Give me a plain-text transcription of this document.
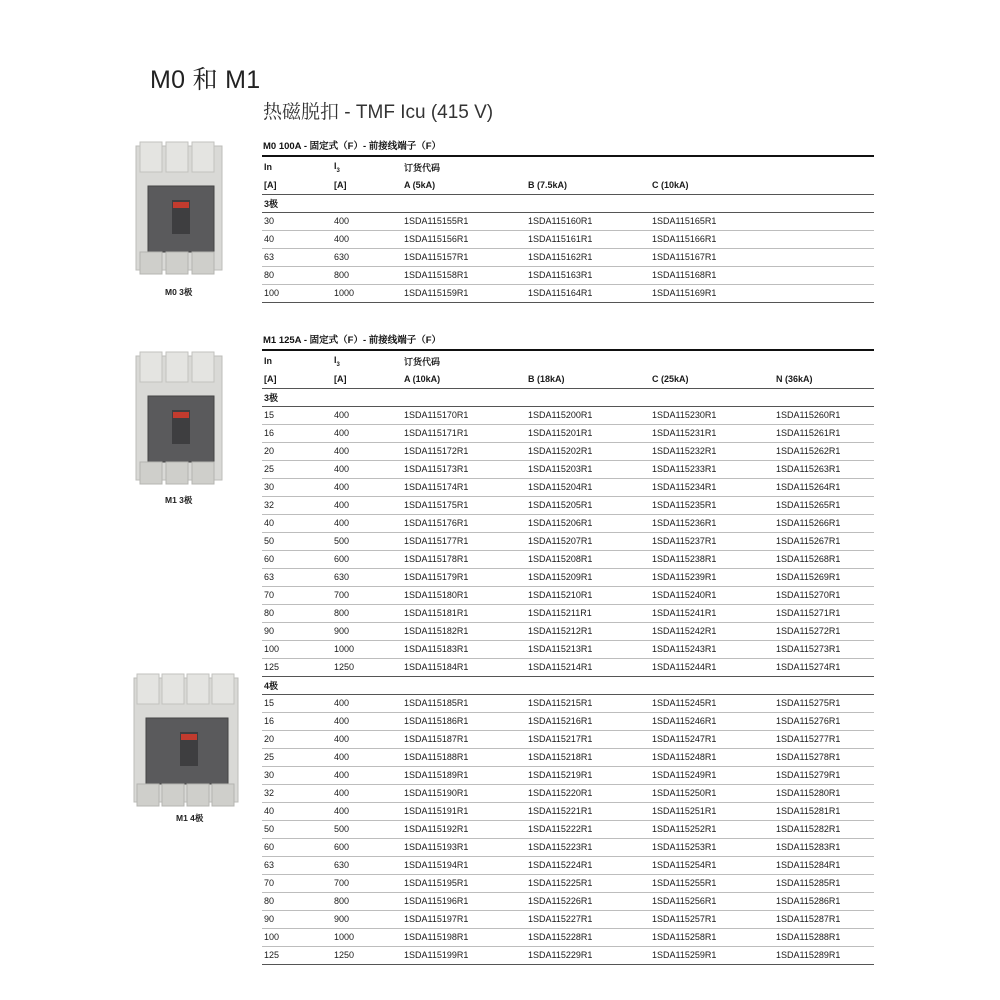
M0 和 M1
热磁脱扣 - TMF Icu (415 V)
M0 3极
M1 3极
M1 4极
M0 100A - 固定式（F）- 前接线端子（F）
In	$I_3$	订货代码			
[A]	[A]	A (5kA)	B (7.5kA)	C (10kA)	
3极					
30	400	1SDA115155R1	1SDA115160R1	1SDA115165R1	
40	400	1SDA115156R1	1SDA115161R1	1SDA115166R1	
63	630	1SDA115157R1	1SDA115162R1	1SDA115167R1	
80	800	1SDA115158R1	1SDA115163R1	1SDA115168R1	
100	1000	1SDA115159R1	1SDA115164R1	1SDA115169R1	
M1 125A - 固定式（F）- 前接线端子（F）
In	$I_3$	订货代码			
[A]	[A]	A (10kA)	B (18kA)	C (25kA)	N (36kA)
3极					
15	400	1SDA115170R1	1SDA115200R1	1SDA115230R1	1SDA115260R1
16	400	1SDA115171R1	1SDA115201R1	1SDA115231R1	1SDA115261R1
20	400	1SDA115172R1	1SDA115202R1	1SDA115232R1	1SDA115262R1
25	400	1SDA115173R1	1SDA115203R1	1SDA115233R1	1SDA115263R1
30	400	1SDA115174R1	1SDA115204R1	1SDA115234R1	1SDA115264R1
32	400	1SDA115175R1	1SDA115205R1	1SDA115235R1	1SDA115265R1
40	400	1SDA115176R1	1SDA115206R1	1SDA115236R1	1SDA115266R1
50	500	1SDA115177R1	1SDA115207R1	1SDA115237R1	1SDA115267R1
60	600	1SDA115178R1	1SDA115208R1	1SDA115238R1	1SDA115268R1
63	630	1SDA115179R1	1SDA115209R1	1SDA115239R1	1SDA115269R1
70	700	1SDA115180R1	1SDA115210R1	1SDA115240R1	1SDA115270R1
80	800	1SDA115181R1	1SDA115211R1	1SDA115241R1	1SDA115271R1
90	900	1SDA115182R1	1SDA115212R1	1SDA115242R1	1SDA115272R1
100	1000	1SDA115183R1	1SDA115213R1	1SDA115243R1	1SDA115273R1
125	1250	1SDA115184R1	1SDA115214R1	1SDA115244R1	1SDA115274R1
4极					
15	400	1SDA115185R1	1SDA115215R1	1SDA115245R1	1SDA115275R1
16	400	1SDA115186R1	1SDA115216R1	1SDA115246R1	1SDA115276R1
20	400	1SDA115187R1	1SDA115217R1	1SDA115247R1	1SDA115277R1
25	400	1SDA115188R1	1SDA115218R1	1SDA115248R1	1SDA115278R1
30	400	1SDA115189R1	1SDA115219R1	1SDA115249R1	1SDA115279R1
32	400	1SDA115190R1	1SDA115220R1	1SDA115250R1	1SDA115280R1
40	400	1SDA115191R1	1SDA115221R1	1SDA115251R1	1SDA115281R1
50	500	1SDA115192R1	1SDA115222R1	1SDA115252R1	1SDA115282R1
60	600	1SDA115193R1	1SDA115223R1	1SDA115253R1	1SDA115283R1
63	630	1SDA115194R1	1SDA115224R1	1SDA115254R1	1SDA115284R1
70	700	1SDA115195R1	1SDA115225R1	1SDA115255R1	1SDA115285R1
80	800	1SDA115196R1	1SDA115226R1	1SDA115256R1	1SDA115286R1
90	900	1SDA115197R1	1SDA115227R1	1SDA115257R1	1SDA115287R1
100	1000	1SDA115198R1	1SDA115228R1	1SDA115258R1	1SDA115288R1
125	1250	1SDA115199R1	1SDA115229R1	1SDA115259R1	1SDA115289R1
